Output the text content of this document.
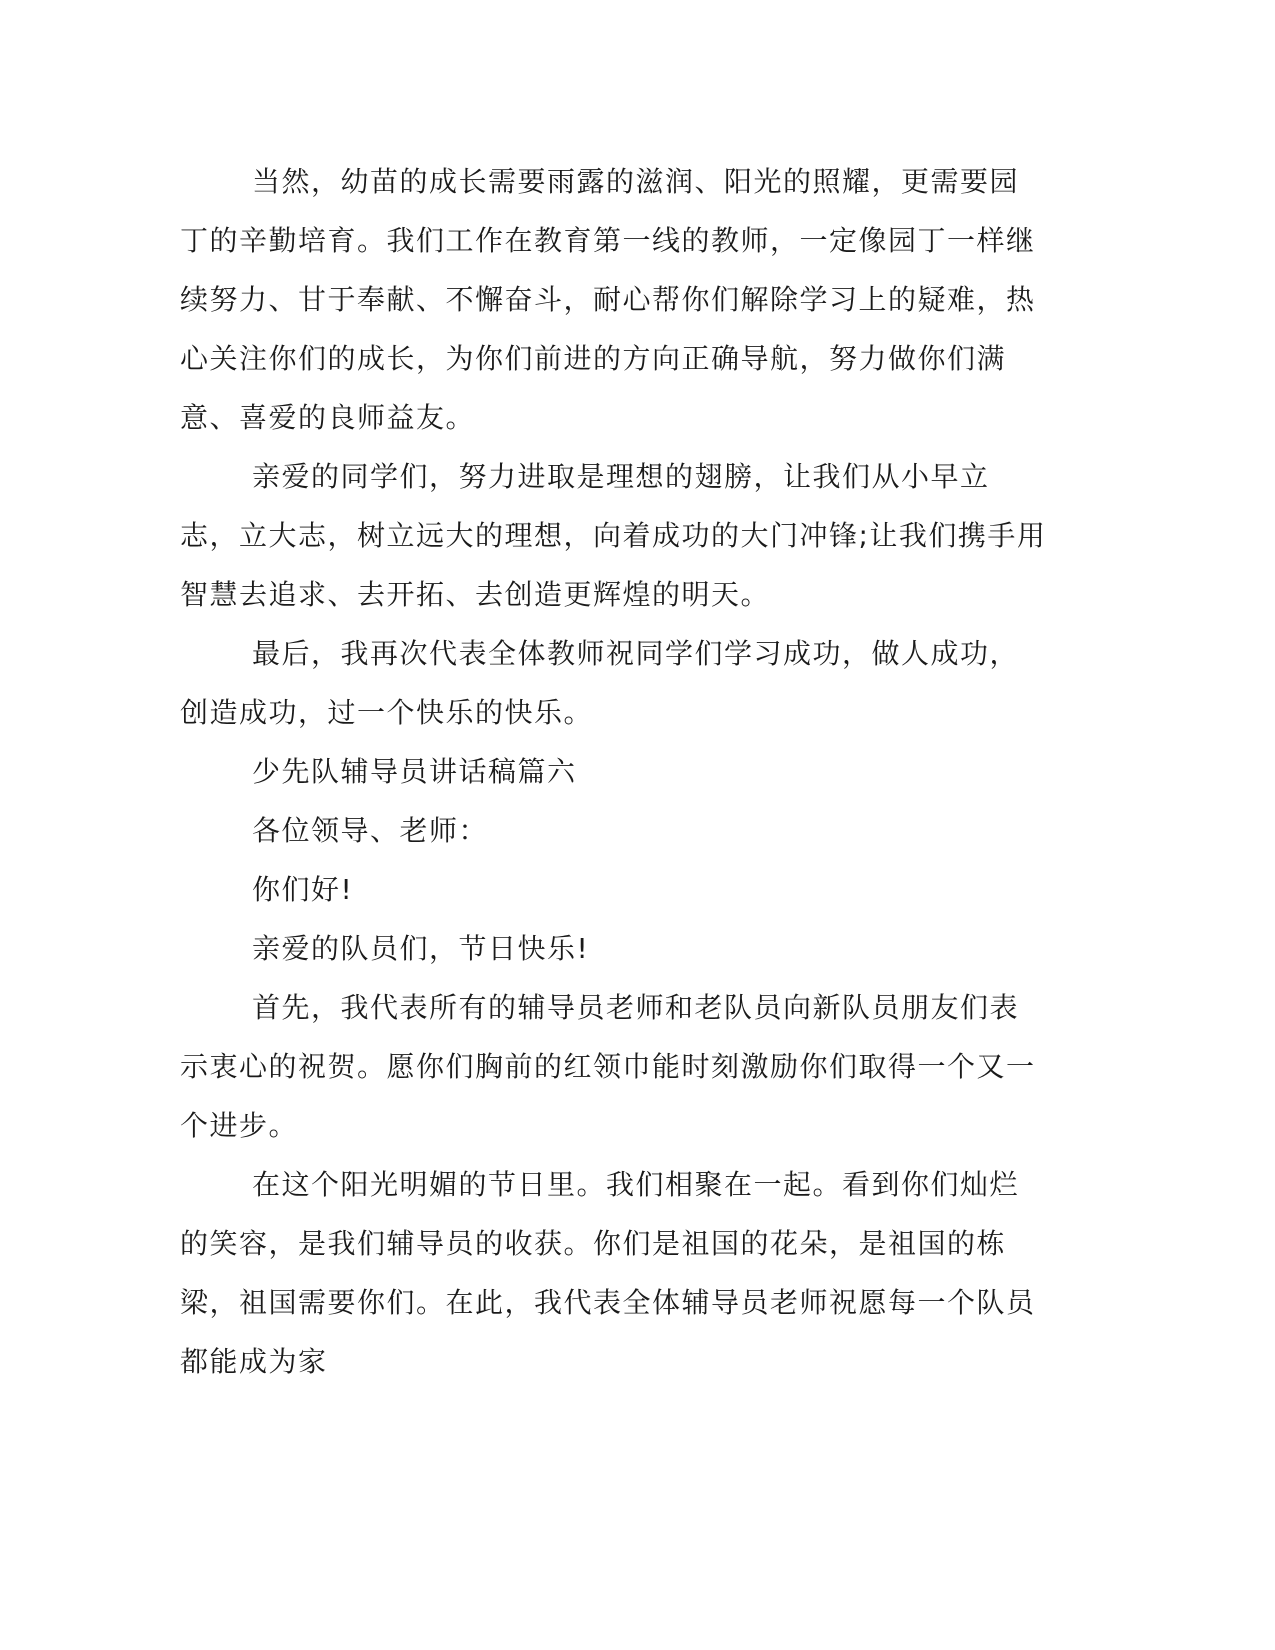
当然，幼苗的成长需要雨露的滋润、阳光的照耀，更需要园丁的辛勤培育。我们工作在教育第一线的教师，一定像园丁一样继续努力、甘于奉献、不懈奋斗，耐心帮你们解除学习上的疑难，热心关注你们的成长，为你们前进的方向正确导航，努力做你们满意、喜爱的良师益友。

亲爱的同学们，努力进取是理想的翅膀，让我们从小早立志，立大志，树立远大的理想，向着成功的大门冲锋;让我们携手用智慧去追求、去开拓、去创造更辉煌的明天。

最后，我再次代表全体教师祝同学们学习成功，做人成功，创造成功，过一个快乐的快乐。

少先队辅导员讲话稿篇六

各位领导、老师：

你们好!

亲爱的队员们，节日快乐!

首先，我代表所有的辅导员老师和老队员向新队员朋友们表示衷心的祝贺。愿你们胸前的红领巾能时刻激励你们取得一个又一个进步。

在这个阳光明媚的节日里。我们相聚在一起。看到你们灿烂的笑容，是我们辅导员的收获。你们是祖国的花朵，是祖国的栋梁，祖国需要你们。在此，我代表全体辅导员老师祝愿每一个队员都能成为家
